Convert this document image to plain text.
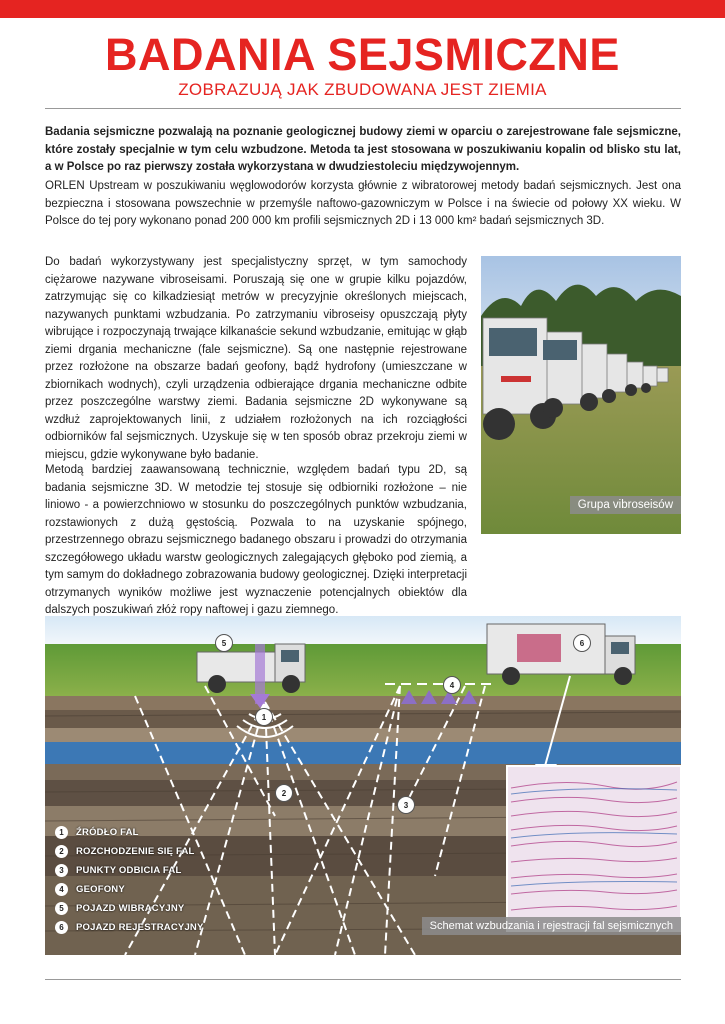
BADANIA SEJSMICZNE
ZOBRAZUJĄ JAK ZBUDOWANA JEST ZIEMIA

Badania sejsmiczne pozwalają na poznanie geologicznej budowy ziemi w oparciu o zarejestrowane fale sejsmiczne, które zostały specjalnie w tym celu wzbudzone. Metoda ta jest stosowana w poszukiwaniu kopalin od blisko stu lat, a w Polsce po raz pierwszy została wykorzystana w dwudziestoleciu międzywojennym.

ORLEN Upstream w poszukiwaniu węglowodorów korzysta głównie z wibratorowej metody badań sejsmicznych. Jest ona bezpieczna i stosowana powszechnie w przemyśle naftowo-gazowniczym w Polsce i na świecie od połowy XX wieku. W Polsce do tej pory wykonano ponad 200 000 km profili sejsmicznych 2D i 13 000 km² badań sejsmicznych 3D.

Do badań wykorzystywany jest specjalistyczny sprzęt, w tym samochody ciężarowe nazywane vibroseisami. Poruszają się one w grupie kilku pojazdów, zatrzymując się co kilkadziesiąt metrów w precyzyjnie określonych miejscach, nazywanych punktami wzbudzania. Po zatrzymaniu vibroseisy opuszczają płyty wibrujące i rozpoczynają trwające kilkanaście sekund wzbudzanie, emitując w głąb ziemi drgania mechaniczne (fale sejsmiczne). Są one następnie rejestrowane przez rozłożone na obszarze badań geofony, bądź hydrofony (umieszczane w zbiornikach wodnych), czyli urządzenia odbierające drgania mechaniczne odbite przez poszczególne warstwy ziemi. Badania sejsmiczne 2D wykonywane są wzdłuż zaprojektowanych linii, z udziałem rozłożonych na ich rozciągłości odbiorników fal sejsmicznych. Uzyskuje się w ten sposób obraz przekroju ziemi w miejscu, gdzie wykonywane było badanie.

Metodą bardziej zaawansowaną technicznie, względem badań typu 2D, są badania sejsmiczne 3D. W metodzie tej stosuje się odbiorniki rozłożone – nie liniowo - a powierzchniowo w stosunku do poszczególnych punktów wzbudzania, rozstawionych z dużą gęstością. Pozwala to na uzyskanie spójnego, przestrzennego obrazu sejsmicznego badanego obszaru i prowadzi do otrzymania szczegółowego układu warstw geologicznych zalegających głęboko pod ziemią, a tym samym do dokładnego zobrazowania budowy geologicznej. Dzięki interpretacji otrzymanych wyników możliwe jest wyznaczenie potencjalnych obiektów dla dalszych poszukiwań złóż ropy naftowej i gazu ziemnego.

Grupa vibroseisów
5	6
4
1
2
3
1	ŹRÓDŁO FAL
2	ROZCHODZENIE SIĘ FAL
3	PUNKTY ODBICIA FAL
4	GEOFONY
5	POJAZD WIBRACYJNY
6	POJAZD REJESTRACYJNY	Schemat wzbudzania i rejestracji fal sejsmicznych
